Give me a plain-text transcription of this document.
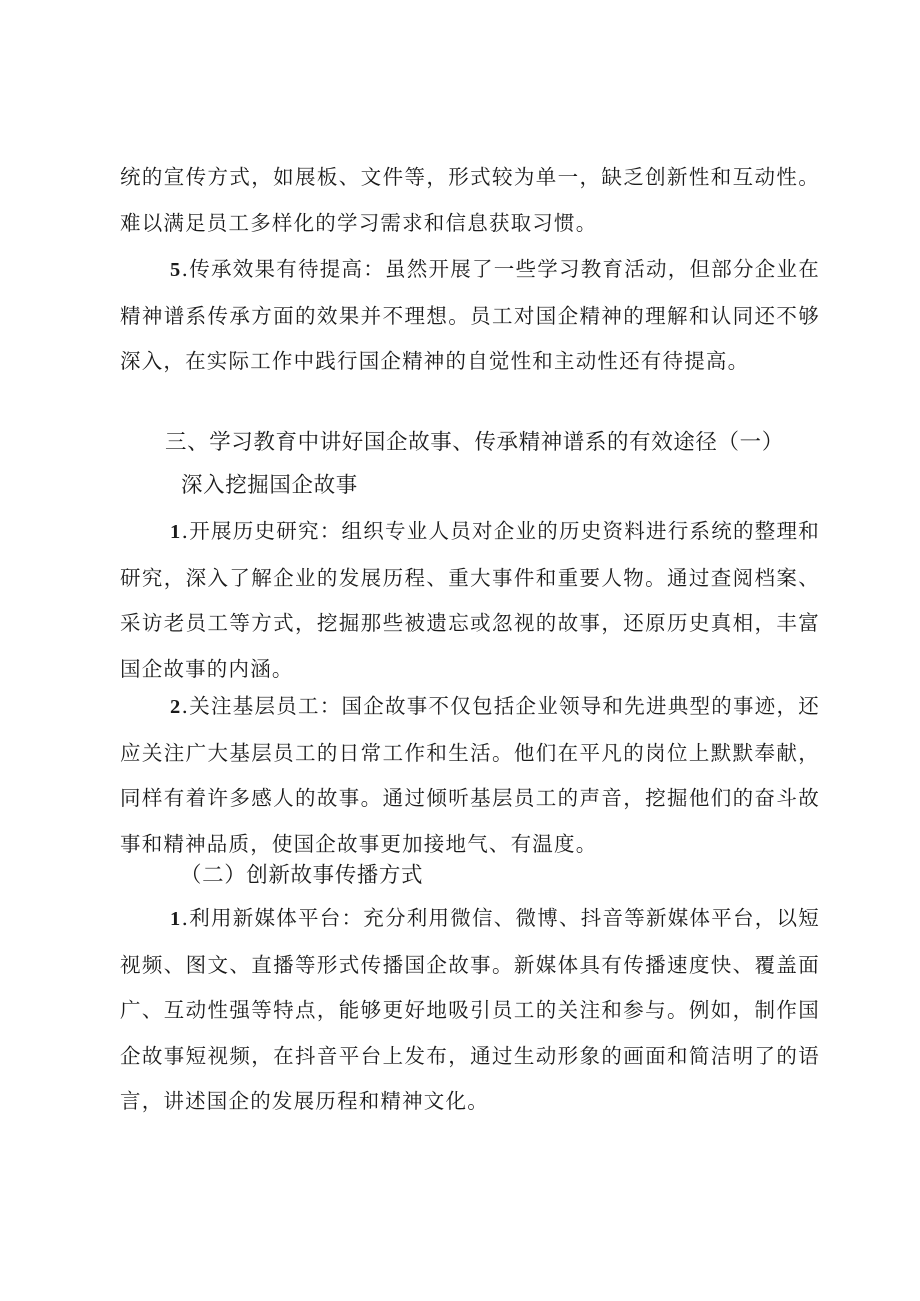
统的宣传方式，如展板、文件等，形式较为单一，缺乏创新性和互动性。难以满足员工多样化的学习需求和信息获取习惯。

5.传承效果有待提高：虽然开展了一些学习教育活动，但部分企业在精神谱系传承方面的效果并不理想。员工对国企精神的理解和认同还不够深入，在实际工作中践行国企精神的自觉性和主动性还有待提高。

三、学习教育中讲好国企故事、传承精神谱系的有效途径（一）

深入挖掘国企故事

1.开展历史研究：组织专业人员对企业的历史资料进行系统的整理和研究，深入了解企业的发展历程、重大事件和重要人物。通过查阅档案、采访老员工等方式，挖掘那些被遗忘或忽视的故事，还原历史真相，丰富国企故事的内涵。

2.关注基层员工：国企故事不仅包括企业领导和先进典型的事迹，还应关注广大基层员工的日常工作和生活。他们在平凡的岗位上默默奉献，同样有着许多感人的故事。通过倾听基层员工的声音，挖掘他们的奋斗故事和精神品质，使国企故事更加接地气、有温度。

（二）创新故事传播方式

1.利用新媒体平台：充分利用微信、微博、抖音等新媒体平台，以短视频、图文、直播等形式传播国企故事。新媒体具有传播速度快、覆盖面广、互动性强等特点，能够更好地吸引员工的关注和参与。例如，制作国企故事短视频，在抖音平台上发布，通过生动形象的画面和简洁明了的语言，讲述国企的发展历程和精神文化。
